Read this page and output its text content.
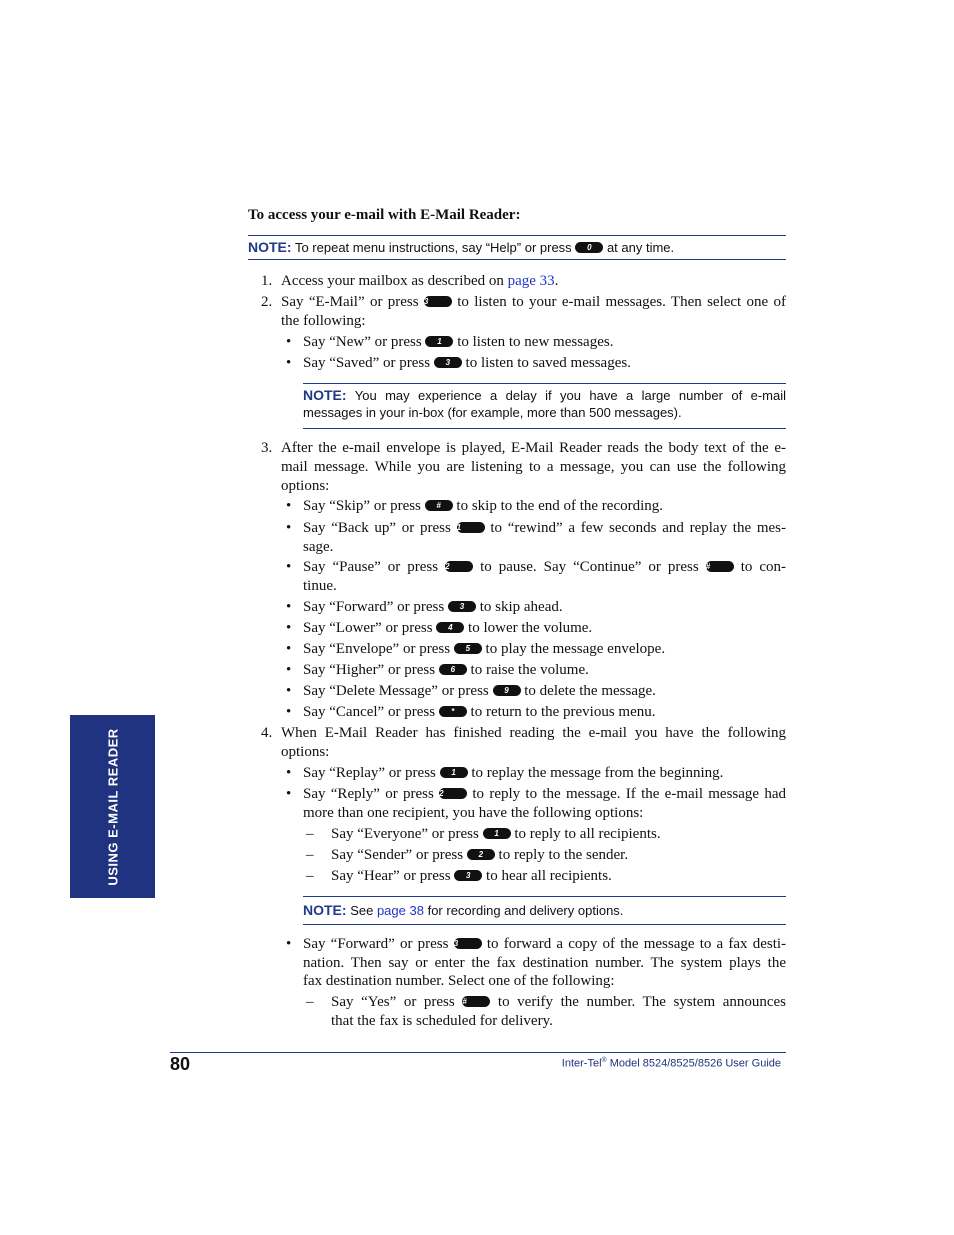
To access your e-mail with E-Mail Reader:
NOTE: To repeat menu instructions, say “Help” or press 0 at any time.
1. Access your mailbox as described on page 33.
2. Say “E-Mail” or press 3 to listen to your e-mail messages. Then select one of
the following:
• Say “New” or press 1 to listen to new messages.
• Say “Saved” or press 3 to listen to saved messages.
NOTE: You may experience a delay if you have a large number of e-mail
messages in your in-box (for example, more than 500 messages).
3. After the e-mail envelope is played, E-Mail Reader reads the body text of the e-
mail message. While you are listening to a message, you can use the following
options:
• Say “Skip” or press # to skip to the end of the recording.
• Say “Back up” or press 1 to “rewind” a few seconds and replay the mes-
sage.
• Say “Pause” or press 2 to pause. Say “Continue” or press # to con-
tinue.
• Say “Forward” or press 3 to skip ahead.
• Say “Lower” or press 4 to lower the volume.
• Say “Envelope” or press 5 to play the message envelope.
• Say “Higher” or press 6 to raise the volume.
• Say “Delete Message” or press 9 to delete the message.
• Say “Cancel” or press * to return to the previous menu.
4. When E-Mail Reader has finished reading the e-mail you have the following
options:
• Say “Replay” or press 1 to replay the message from the beginning.
• Say “Reply” or press 2 to reply to the message. If the e-mail message had
more than one recipient, you have the following options:
– Say “Everyone” or press 1 to reply to all recipients.
– Say “Sender” or press 2 to reply to the sender.
– Say “Hear” or press 3 to hear all recipients.
NOTE: See page 38 for recording and delivery options.
• Say “Forward” or press 3 to forward a copy of the message to a fax desti-
nation. Then say or enter the fax destination number. The system plays the
fax destination number. Select one of the following:
– Say “Yes” or press # to verify the number. The system announces
that the fax is scheduled for delivery.
USING E-MAIL READER
80	Inter-Tel® Model 8524/8525/8526 User Guide
